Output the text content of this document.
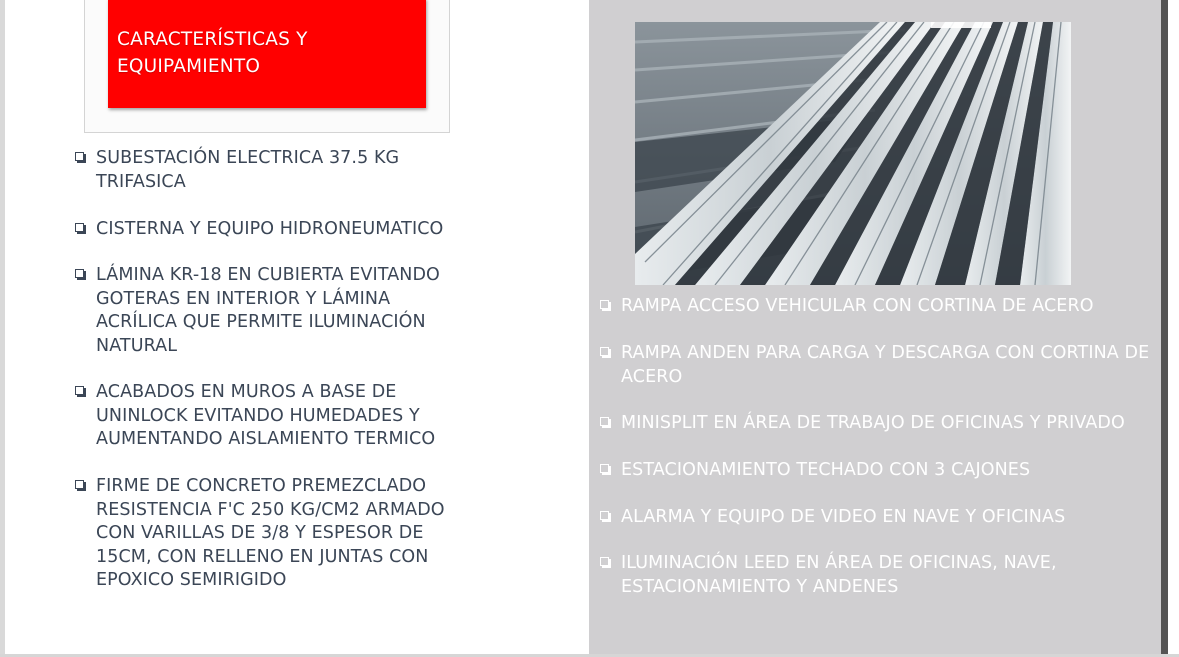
CARACTERÍSTICAS Y EQUIPAMIENTO
SUBESTACIÓN ELECTRICA 37.5 KG TRIFASICA
CISTERNA Y EQUIPO HIDRONEUMATICO
LÁMINA KR-18 EN CUBIERTA EVITANDO GOTERAS EN INTERIOR Y LÁMINA ACRÍLICA QUE PERMITE ILUMINACIÓN NATURAL
ACABADOS EN MUROS A BASE DE UNINLOCK EVITANDO HUMEDADES Y AUMENTANDO AISLAMIENTO TERMICO
FIRME DE CONCRETO PREMEZCLADO RESISTENCIA F'C 250 KG/CM2 ARMADO CON VARILLAS DE 3/8 Y ESPESOR DE 15CM, CON RELLENO EN JUNTAS CON EPOXICO SEMIRIGIDO
RAMPA ACCESO VEHICULAR CON CORTINA DE ACERO
RAMPA ANDEN PARA CARGA Y DESCARGA CON CORTINA DE ACERO
MINISPLIT EN ÁREA DE TRABAJO DE OFICINAS Y PRIVADO
ESTACIONAMIENTO TECHADO CON 3 CAJONES
ALARMA Y EQUIPO DE VIDEO EN NAVE Y OFICINAS
ILUMINACIÓN LEED EN ÁREA DE OFICINAS, NAVE, ESTACIONAMIENTO Y ANDENES
